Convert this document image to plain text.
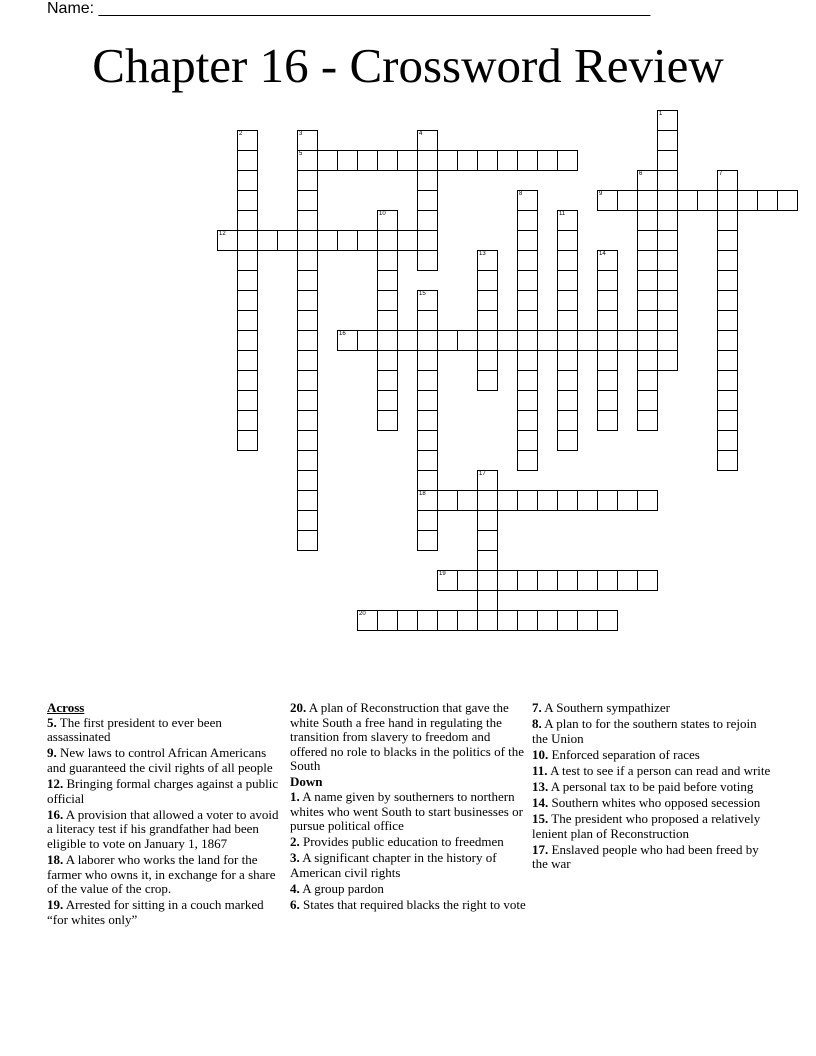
Name: ______________________________________________________________
Chapter 16 - Crossword Review
1
2	3
5
4
6	7
8	9
10	11
12
13	14
15
18
16
17
19
20
Across

5. The first president to ever been assassinated

9. New laws to control African Americans and guaranteed the civil rights of all people

12. Bringing formal charges against a public official

16. A provision that allowed a voter to avoid a literacy test if his grandfather had been eligible to vote on January 1, 1867

18. A laborer who works the land for the farmer who owns it, in exchange for a share of the value of the crop.

19. Arrested for sitting in a couch marked “for whites only”

20. A plan of Reconstruction that gave the white South a free hand in regulating the transition from slavery to freedom and offered no role to blacks in the politics of the South

Down

1. A name given by southerners to northern whites who went South to start businesses or pursue political office

2. Provides public education to freedmen

3. A significant chapter in the history of American civil rights

4. A group pardon

6. States that required blacks the right to vote

7. A Southern sympathizer

8. A plan to for the southern states to rejoin the Union

10. Enforced separation of races

11. A test to see if a person can read and write

13. A personal tax to be paid before voting

14. Southern whites who opposed secession

15. The president who proposed a relatively lenient plan of Reconstruction

17. Enslaved people who had been freed by the war
